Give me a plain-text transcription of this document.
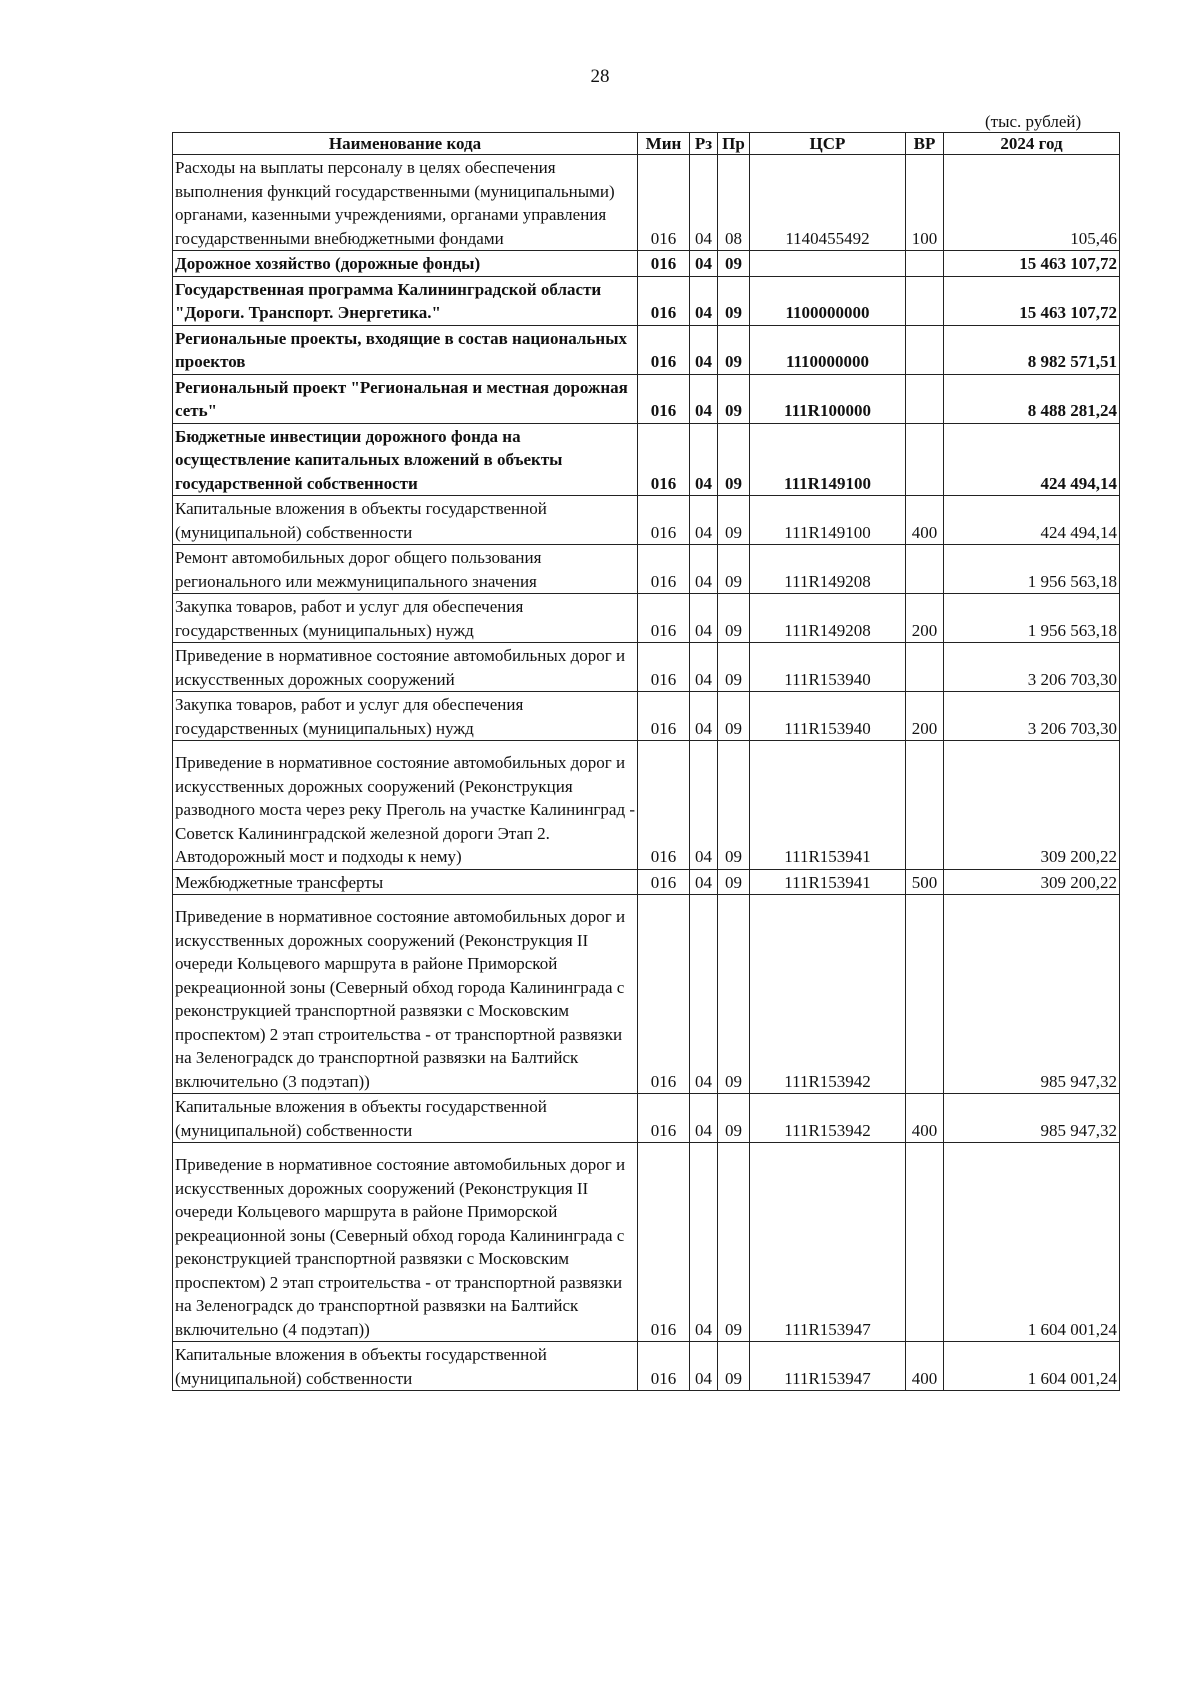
28
(тыс. рублей)
Наименование кода	Мин	Рз	Пр	ЦСР	ВР	2024 год
Расходы на выплаты персоналу в целях обеспечения выполнения функций государственными (муниципальными) органами, казенными учреждениями, органами управления государственными внебюджетными фондами	016	04	08	1140455492	100	105,46
Дорожное хозяйство (дорожные фонды)	016	04	09			15 463 107,72
Государственная программа Калининградской области "Дороги. Транспорт. Энергетика."	016	04	09	1100000000		15 463 107,72
Региональные проекты, входящие в состав национальных проектов	016	04	09	1110000000		8 982 571,51
Региональный проект "Региональная и местная дорожная сеть"	016	04	09	111R100000		8 488 281,24
Бюджетные инвестиции дорожного фонда на осуществление капитальных вложений в объекты государственной собственности	016	04	09	111R149100		424 494,14
Капитальные вложения в объекты государственной (муниципальной) собственности	016	04	09	111R149100	400	424 494,14
Ремонт автомобильных дорог общего пользования регионального или межмуниципального значения	016	04	09	111R149208		1 956 563,18
Закупка товаров, работ и услуг для обеспечения государственных (муниципальных) нужд	016	04	09	111R149208	200	1 956 563,18
Приведение в нормативное состояние автомобильных дорог и искусственных дорожных сооружений	016	04	09	111R153940		3 206 703,30
Закупка товаров, работ и услуг для обеспечения государственных (муниципальных) нужд	016	04	09	111R153940	200	3 206 703,30
Приведение в нормативное состояние автомобильных дорог и искусственных дорожных сооружений (Реконструкция разводного моста через реку Преголь на участке Калининград - Советск Калининградской железной дороги Этап 2. Автодорожный мост и подходы к нему)	016	04	09	111R153941		309 200,22
Межбюджетные трансферты	016	04	09	111R153941	500	309 200,22
Приведение в нормативное состояние автомобильных дорог и искусственных дорожных сооружений (Реконструкция II очереди Кольцевого маршрута в районе Приморской рекреационной зоны (Северный обход города Калининграда с реконструкцией транспортной развязки с Московским проспектом) 2 этап строительства - от транспортной развязки на Зеленоградск до транспортной развязки на Балтийск включительно (3 подэтап))	016	04	09	111R153942		985 947,32
Капитальные вложения в объекты государственной (муниципальной) собственности	016	04	09	111R153942	400	985 947,32
Приведение в нормативное состояние автомобильных дорог и искусственных дорожных сооружений (Реконструкция II очереди Кольцевого маршрута в районе Приморской рекреационной зоны (Северный обход города Калининграда с реконструкцией транспортной развязки с Московским проспектом) 2 этап строительства - от транспортной развязки на Зеленоградск до транспортной развязки на Балтийск включительно (4 подэтап))	016	04	09	111R153947		1 604 001,24
Капитальные вложения в объекты государственной (муниципальной) собственности	016	04	09	111R153947	400	1 604 001,24
